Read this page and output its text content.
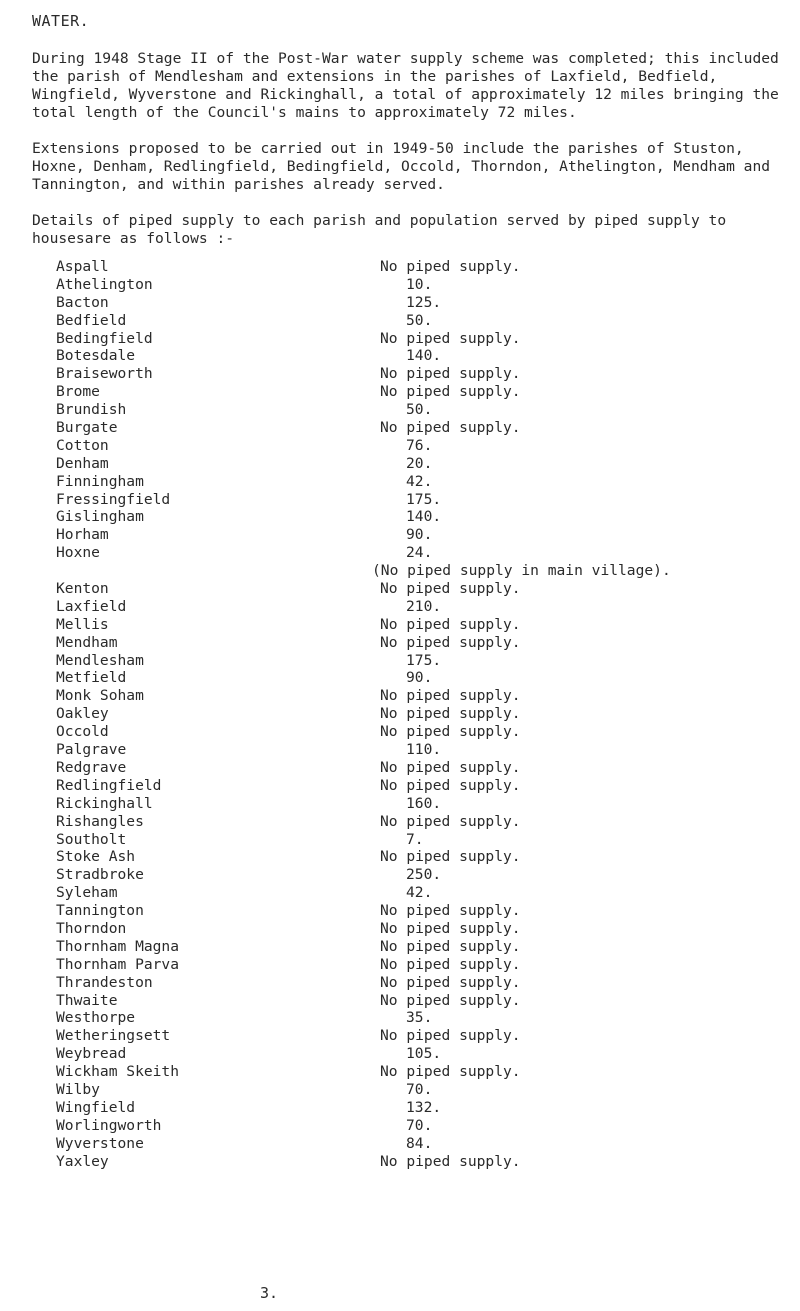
WATER.

During 1948 Stage II of the Post-War water supply scheme was completed; this included the parish of Mendlesham and extensions in the parishes of Laxfield, Bedfield, Wingfield, Wyverstone and Rickinghall, a total of approximately 12 miles bringing the total length of the Council's mains to approximately 72 miles.

Extensions proposed to be carried out in 1949-50 include the parishes of Stuston, Hoxne, Denham, Redlingfield, Bedingfield, Occold, Thorndon, Athelington, Mendham and Tannington, and within parishes already served.

Details of piped supply to each parish and population served by piped supply to housesare as follows :-

Aspall	No piped supply.
Athelington	10.
Bacton	125.
Bedfield	50.
Bedingfield	No piped supply.
Botesdale	140.
Braiseworth	No piped supply.
Brome	No piped supply.
Brundish	50.
Burgate	No piped supply.
Cotton	76.
Denham	20.
Finningham	42.
Fressingfield	175.
Gislingham	140.
Horham	90.
Hoxne	24.
(No piped supply in main village).
Kenton	No piped supply.
Laxfield	210.
Mellis	No piped supply.
Mendham	No piped supply.
Mendlesham	175.
Metfield	90.
Monk Soham	No piped supply.
Oakley	No piped supply.
Occold	No piped supply.
Palgrave	110.
Redgrave	No piped supply.
Redlingfield	No piped supply.
Rickinghall	160.
Rishangles	No piped supply.
Southolt	7.
Stoke Ash	No piped supply.
Stradbroke	250.
Syleham	42.
Tannington	No piped supply.
Thorndon	No piped supply.
Thornham Magna	No piped supply.
Thornham Parva	No piped supply.
Thrandeston	No piped supply.
Thwaite	No piped supply.
Westhorpe	35.
Wetheringsett	No piped supply.
Weybread	105.
Wickham Skeith	No piped supply.
Wilby	70.
Wingfield	132.
Worlingworth	70.
Wyverstone	84.
Yaxley	No piped supply.
3.
